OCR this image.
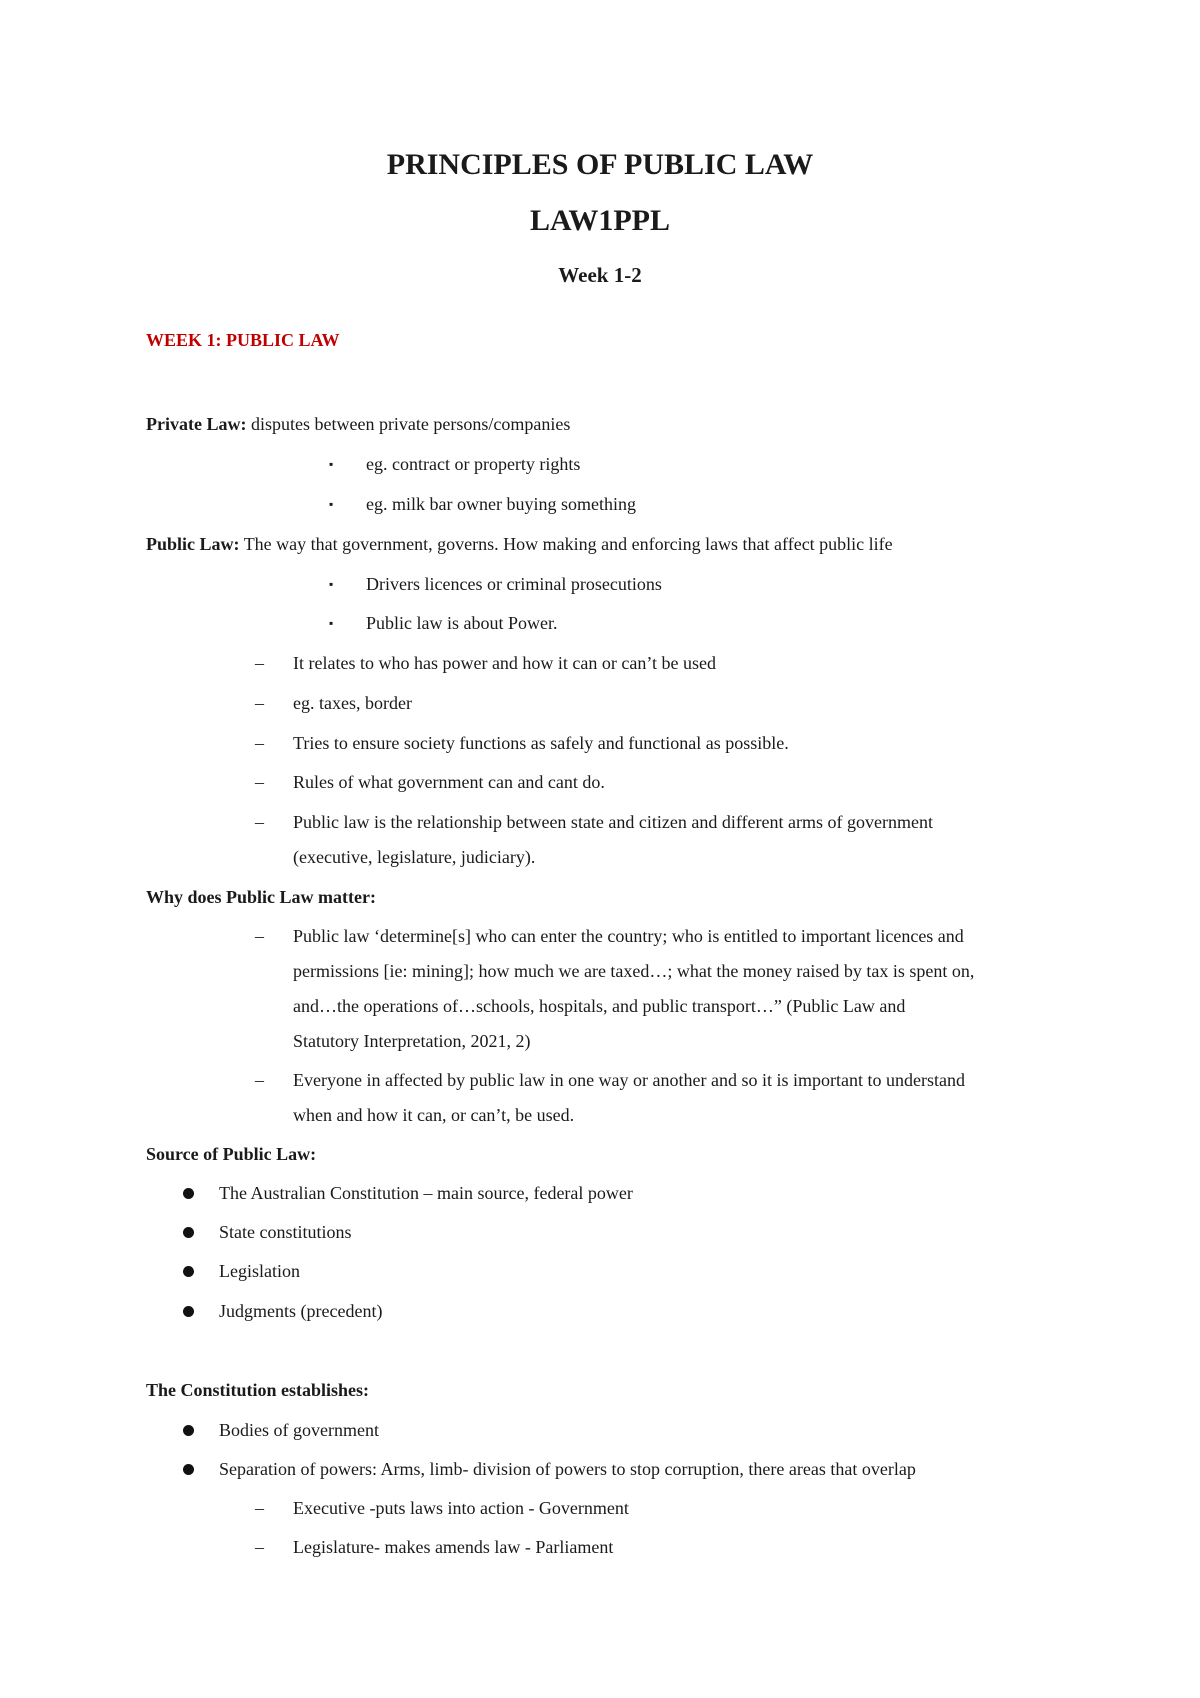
PRINCIPLES OF PUBLIC LAW
LAW1PPL
Week 1-2
WEEK 1: PUBLIC LAW
Private Law: disputes between private persons/companies
▪ eg. contract or property rights
▪ eg. milk bar owner buying something
Public Law: The way that government, governs. How making and enforcing laws that affect public life
▪ Drivers licences or criminal prosecutions
▪ Public law is about Power.
– It relates to who has power and how it can or can’t be used
– eg. taxes, border
– Tries to ensure society functions as safely and functional as possible.
– Rules of what government can and cant do.
– Public law is the relationship between state and citizen and different arms of government
(executive, legislature, judiciary).
Why does Public Law matter:
– Public law ‘determine[s] who can enter the country; who is entitled to important licences and
permissions [ie: mining]; how much we are taxed…; what the money raised by tax is spent on,
and…the operations of…schools, hospitals, and public transport…” (Public Law and
Statutory Interpretation, 2021, 2)
– Everyone in affected by public law in one way or another and so it is important to understand
when and how it can, or can’t, be used.
Source of Public Law:
The Australian Constitution – main source, federal power
State constitutions
Legislation
Judgments (precedent)
The Constitution establishes:
Bodies of government
Separation of powers: Arms, limb- division of powers to stop corruption, there areas that overlap
– Executive -puts laws into action - Government
– Legislature- makes amends law - Parliament
